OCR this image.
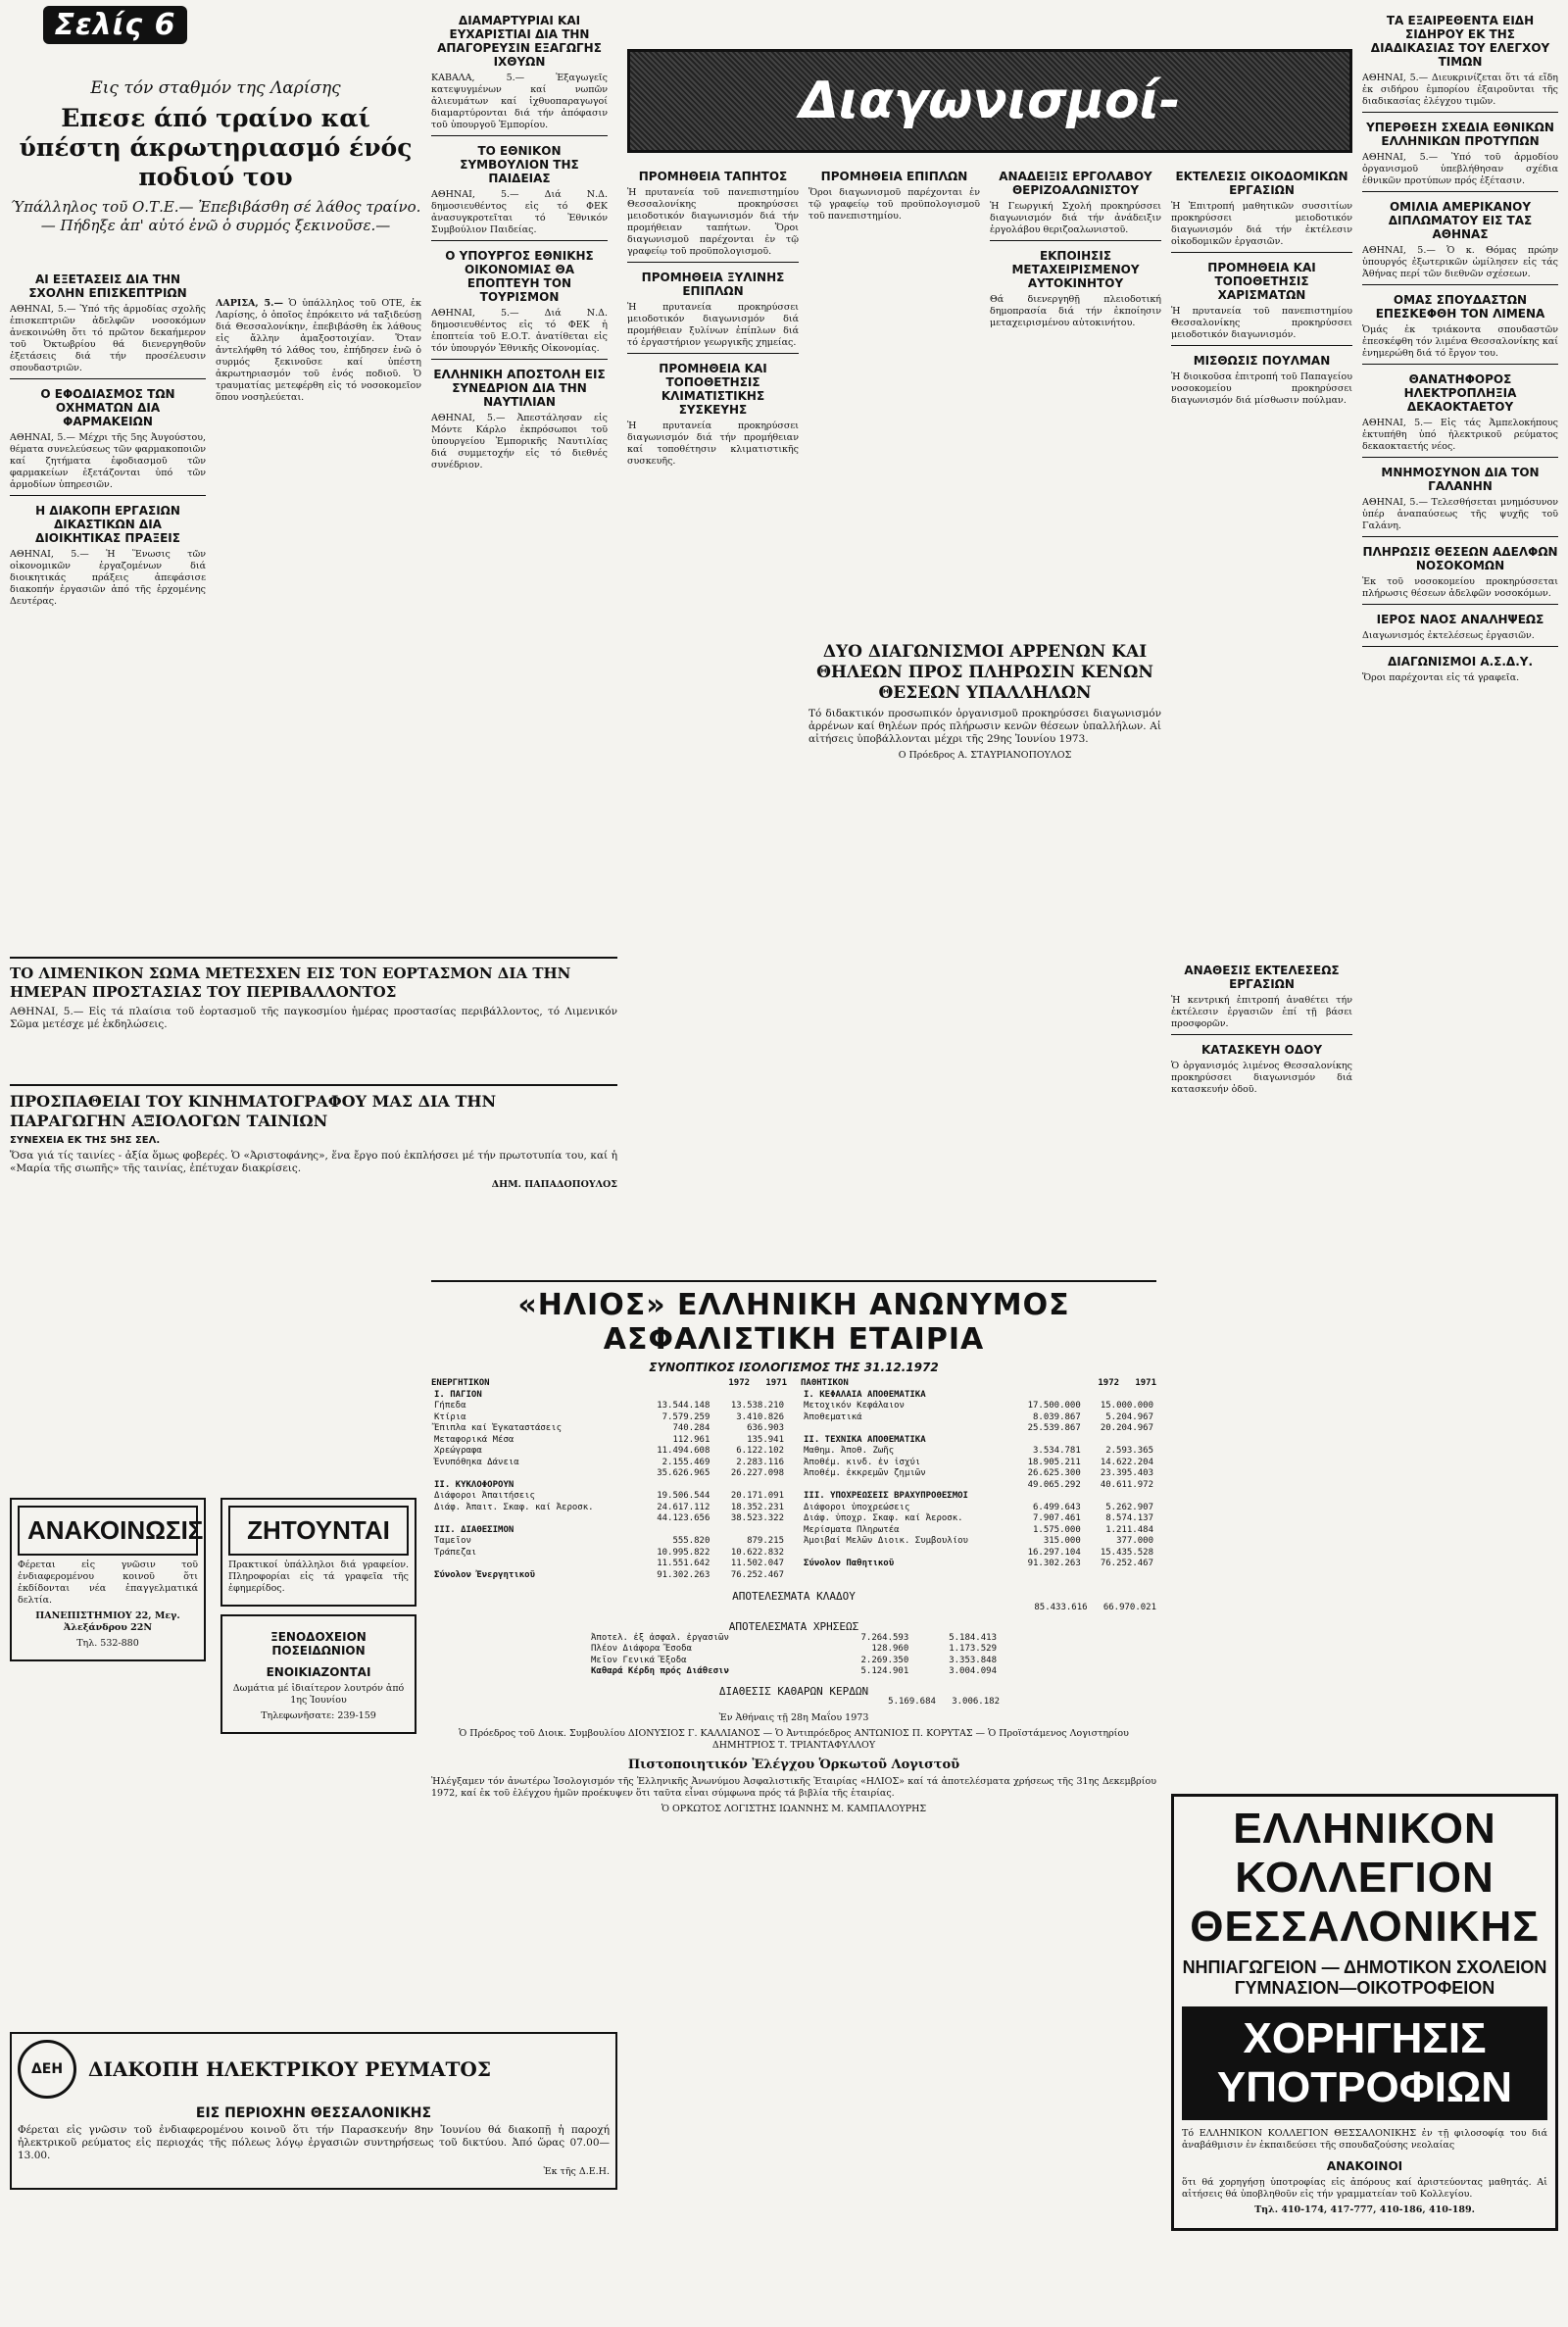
Σελίς 6
Εις τόν σταθμόν της Λαρίσης
Επεσε άπό τραίνο καί ύπέστη άκρωτηριασμό ένός ποδιού του
Ύπάλληλος τοῦ Ο.Τ.Ε.— Ἐπεβιβάσθη σέ λάθος τραίνο.— Πήδηξε ἀπ' αὐτό ἐνῶ ὁ συρμός ξεκινοῦσε.—
ΑΙ ΕΞΕΤΑΣΕΙΣ ΔΙΑ ΤΗΝ ΣΧΟΛΗΝ ΕΠΙΣΚΕΠΤΡΙΩΝ

ΑΘΗΝΑΙ, 5.— Ὑπό τῆς ἁρμοδίας σχολῆς ἐπισκεπτριῶν ἀδελφῶν νοσοκόμων ἀνεκοινώθη ὅτι τό πρῶτον δεκαήμερον τοῦ Ὀκτωβρίου θά διενεργηθοῦν ἐξετάσεις διά τήν προσέλευσιν σπουδαστριῶν.

Ο ΕΦΟΔΙΑΣΜΟΣ ΤΩΝ ΟΧΗΜΑΤΩΝ ΔΙΑ ΦΑΡΜΑΚΕΙΩΝ

ΑΘΗΝΑΙ, 5.— Μέχρι τῆς 5ης Ἀυγούστου, θέματα συνελεύσεως τῶν φαρμακοποιῶν καί ζητήματα ἐφοδιασμοῦ τῶν φαρμακείων ἐξετάζονται ὑπό τῶν ἁρμοδίων ὑπηρεσιῶν.

Η ΔΙΑΚΟΠΗ ΕΡΓΑΣΙΩΝ ΔΙΚΑΣΤΙΚΩΝ ΔΙΑ ΔΙΟΙΚΗΤΙΚΑΣ ΠΡΑΞΕΙΣ

ΑΘΗΝΑΙ, 5.— Ἡ Ἕνωσις τῶν οἰκονομικῶν ἐργαζομένων διά διοικητικάς πράξεις ἀπεφάσισε διακοπήν ἐργασιῶν ἀπό τῆς ἐρχομένης Δευτέρας.

ΛΑΡΙΣΑ, 5.— Ὁ ὑπάλληλος τοῦ ΟΤΕ, ἐκ Λαρίσης, ὁ ὁποῖος ἐπρόκειτο νά ταξιδεύσῃ διά Θεσσαλονίκην, ἐπεβιβάσθη ἐκ λάθους εἰς ἄλλην ἀμαξοστοιχίαν. Ὅταν ἀντελήφθη τό λάθος του, ἐπήδησεν ἐνῶ ὁ συρμός ξεκινοῦσε καί ὑπέστη ἀκρωτηριασμόν τοῦ ἑνός ποδιοῦ. Ὁ τραυματίας μετεφέρθη εἰς τό νοσοκομεῖον ὅπου νοσηλεύεται.

ΔΙΑΜΑΡΤΥΡΙΑΙ ΚΑΙ ΕΥΧΑΡΙΣΤΙΑΙ ΔΙΑ ΤΗΝ ΑΠΑΓΟΡΕΥΣΙΝ ΕΞΑΓΩΓΗΣ ΙΧΘΥΩΝ

ΚΑΒΑΛΑ, 5.— Ἐξαγωγεῖς κατεψυγμένων καί νωπῶν ἀλιευμάτων καί ἰχθυοπαραγωγοί διαμαρτύρονται διά τήν ἀπόφασιν τοῦ ὑπουργοῦ Ἐμπορίου.

ΤΟ ΕΘΝΙΚΟΝ ΣΥΜΒΟΥΛΙΟΝ ΤΗΣ ΠΑΙΔΕΙΑΣ

ΑΘΗΝΑΙ, 5.— Διά Ν.Δ. δημοσιευθέντος εἰς τό ΦΕΚ ἀνασυγκροτεῖται τό Ἐθνικόν Συμβούλιον Παιδείας.

Ο ΥΠΟΥΡΓΟΣ ΕΘΝΙΚΗΣ ΟΙΚΟΝΟΜΙΑΣ ΘΑ ΕΠΟΠΤΕΥΗ ΤΟΝ ΤΟΥΡΙΣΜΟΝ

ΑΘΗΝΑΙ, 5.— Διά Ν.Δ. δημοσιευθέντος εἰς τό ΦΕΚ ἡ ἐποπτεία τοῦ Ε.Ο.Τ. ἀνατίθεται εἰς τόν ὑπουργόν Ἐθνικῆς Οἰκονομίας.

ΕΛΛΗΝΙΚΗ ΑΠΟΣΤΟΛΗ ΕΙΣ ΣΥΝΕΔΡΙΟΝ ΔΙΑ ΤΗΝ ΝΑΥΤΙΛΙΑΝ

ΑΘΗΝΑΙ, 5.— Ἀπεστάλησαν εἰς Μόντε Κάρλο ἐκπρόσωποι τοῦ ὑπουργείου Ἐμπορικῆς Ναυτιλίας διά συμμετοχήν εἰς τό διεθνές συνέδριον.

Διαγωνισμοί-
ΠΡΟΜΗΘΕΙΑ ΤΑΠΗΤΟΣ

Ἡ πρυτανεία τοῦ πανεπιστημίου Θεσσαλονίκης προκηρύσσει μειοδοτικόν διαγωνισμόν διά τήν προμήθειαν ταπήτων. Ὅροι διαγωνισμοῦ παρέχονται ἐν τῷ γραφείῳ τοῦ προϋπολογισμοῦ.

ΠΡΟΜΗΘΕΙΑ ΞΥΛΙΝΗΣ ΕΠΙΠΛΩΝ

Ἡ πρυτανεία προκηρύσσει μειοδοτικόν διαγωνισμόν διά προμήθειαν ξυλίνων ἐπίπλων διά τό ἐργαστήριον γεωργικῆς χημείας.

ΠΡΟΜΗΘΕΙΑ ΚΑΙ ΤΟΠΟΘΕΤΗΣΙΣ ΚΛΙΜΑΤΙΣΤΙΚΗΣ ΣΥΣΚΕΥΗΣ

Ἡ πρυτανεία προκηρύσσει διαγωνισμόν διά τήν προμήθειαν καί τοποθέτησιν κλιματιστικῆς συσκευῆς.

ΠΡΟΜΗΘΕΙΑ ΕΠΙΠΛΩΝ

Ὅροι διαγωνισμοῦ παρέχονται ἐν τῷ γραφείῳ τοῦ προϋπολογισμοῦ τοῦ πανεπιστημίου.

ΑΝΑΔΕΙΞΙΣ ΕΡΓΟΛΑΒΟΥ ΘΕΡΙΖΟΑΛΩΝΙΣΤΟΥ

Ἡ Γεωργική Σχολή προκηρύσσει διαγωνισμόν διά τήν ἀνάδειξιν ἐργολάβου θεριζοαλωνιστοῦ.

ΕΚΠΟΙΗΣΙΣ ΜΕΤΑΧΕΙΡΙΣΜΕΝΟΥ ΑΥΤΟΚΙΝΗΤΟΥ

Θά διενεργηθῇ πλειοδοτική δημοπρασία διά τήν ἐκποίησιν μεταχειρισμένου αὐτοκινήτου.

ΕΚΤΕΛΕΣΙΣ ΟΙΚΟΔΟΜΙΚΩΝ ΕΡΓΑΣΙΩΝ

Ἡ Ἐπιτροπή μαθητικῶν συσσιτίων προκηρύσσει μειοδοτικόν διαγωνισμόν διά τήν ἐκτέλεσιν οἰκοδομικῶν ἐργασιῶν.

ΠΡΟΜΗΘΕΙΑ ΚΑΙ ΤΟΠΟΘΕΤΗΣΙΣ ΧΑΡΙΣΜΑΤΩΝ

Ἡ πρυτανεία τοῦ πανεπιστημίου Θεσσαλονίκης προκηρύσσει μειοδοτικόν διαγωνισμόν.

ΜΙΣΘΩΣΙΣ ΠΟΥΛΜΑΝ

Ἡ διοικοῦσα ἐπιτροπή τοῦ Παπαγείου νοσοκομείου προκηρύσσει διαγωνισμόν διά μίσθωσιν πούλμαν.

ΔΥΟ ΔΙΑΓΩΝΙΣΜΟΙ ΑΡΡΕΝΩΝ ΚΑΙ ΘΗΛΕΩΝ ΠΡΟΣ ΠΛΗΡΩΣΙΝ ΚΕΝΩΝ ΘΕΣΕΩΝ ΥΠΑΛΛΗΛΩΝ

Τό διδακτικόν προσωπικόν ὁργανισμοῦ προκηρύσσει διαγωνισμόν ἀρρένων καί θηλέων πρός πλήρωσιν κενῶν θέσεων ὑπαλλήλων. Αἱ αἰτήσεις ὑποβάλλονται μέχρι τῆς 29ης Ἰουνίου 1973.

Ο Πρόεδρος Α. ΣΤΑΥΡΙΑΝΟΠΟΥΛΟΣ

ΤΑ ΕΞΑΙΡΕΘΕΝΤΑ ΕΙΔΗ ΣΙΔΗΡΟΥ ΕΚ ΤΗΣ ΔΙΑΔΙΚΑΣΙΑΣ ΤΟΥ ΕΛΕΓΧΟΥ ΤΙΜΩΝ

ΑΘΗΝΑΙ, 5.— Διευκρινίζεται ὅτι τά εἴδη ἐκ σιδήρου ἐμπορίου ἐξαιροῦνται τῆς διαδικασίας ἐλέγχου τιμῶν.

ΥΠΕΡΘΕΣΗ ΣΧΕΔΙΑ ΕΘΝΙΚΩΝ ΕΛΛΗΝΙΚΩΝ ΠΡΟΤΥΠΩΝ

ΑΘΗΝΑΙ, 5.— Ὑπό τοῦ ἁρμοδίου ὀργανισμοῦ ὑπεβλήθησαν σχέδια ἐθνικῶν προτύπων πρός ἐξέτασιν.

ΟΜΙΛΙΑ ΑΜΕΡΙΚΑΝΟΥ ΔΙΠΛΩΜΑΤΟΥ ΕΙΣ ΤΑΣ ΑΘΗΝΑΣ

ΑΘΗΝΑΙ, 5.— Ὁ κ. Θόμας πρώην ὑπουργός ἐξωτερικῶν ὡμίλησεν εἰς τάς Ἀθήνας περί τῶν διεθνῶν σχέσεων.

ΟΜΑΣ ΣΠΟΥΔΑΣΤΩΝ ΕΠΕΣΚΕΦΘΗ ΤΟΝ ΛΙΜΕΝΑ

Ὁμάς ἐκ τριάκοντα σπουδαστῶν ἐπεσκέφθη τόν λιμένα Θεσσαλονίκης καί ἐνημερώθη διά τό ἔργον του.

ΘΑΝΑΤΗΦΟΡΟΣ ΗΛΕΚΤΡΟΠΛΗΞΙΑ ΔΕΚΑΟΚΤΑΕΤΟΥ

ΑΘΗΝΑΙ, 5.— Εἰς τάς Ἀμπελοκήπους ἐκτυπήθη ὑπό ἠλεκτρικοῦ ρεύματος δεκαοκταετής νέος.

ΜΝΗΜΟΣΥΝΟΝ ΔΙΑ ΤΟΝ ΓΑΛΑΝΗΝ

ΑΘΗΝΑΙ, 5.— Τελεσθήσεται μνημόσυνον ὑπέρ ἀναπαύσεως τῆς ψυχῆς τοῦ Γαλάνη.

ΠΛΗΡΩΣΙΣ ΘΕΣΕΩΝ ΑΔΕΛΦΩΝ ΝΟΣΟΚΟΜΩΝ

Ἐκ τοῦ νοσοκομείου προκηρύσσεται πλήρωσις θέσεων ἀδελφῶν νοσοκόμων.

ΙΕΡΟΣ ΝΑΟΣ ΑΝΑΛΗΨΕΩΣ

Διαγωνισμός ἐκτελέσεως ἐργασιῶν.

ΔΙΑΓΩΝΙΣΜΟΙ Α.Σ.Δ.Υ.

Ὅροι παρέχονται εἰς τά γραφεῖα.

ΑΝΑΘΕΣΙΣ ΕΚΤΕΛΕΣΕΩΣ ΕΡΓΑΣΙΩΝ

Ἡ κεντρική ἐπιτροπή ἀναθέτει τήν ἐκτέλεσιν ἐργασιῶν ἐπί τῇ βάσει προσφορῶν.

ΚΑΤΑΣΚΕΥΗ ΟΔΟΥ

Ὁ ὀργανισμός λιμένος Θεσσαλονίκης προκηρύσσει διαγωνισμόν διά κατασκευήν ὁδοῦ.

ΤΟ ΛΙΜΕΝΙΚΟΝ ΣΩΜΑ ΜΕΤΕΣΧΕΝ ΕΙΣ ΤΟΝ ΕΟΡΤΑΣΜΟΝ ΔΙΑ ΤΗΝ ΗΜΕΡΑΝ ΠΡΟΣΤΑΣΙΑΣ ΤΟΥ ΠΕΡΙΒΑΛΛΟΝΤΟΣ

ΑΘΗΝΑΙ, 5.— Εἰς τά πλαίσια τοῦ ἑορτασμοῦ τῆς παγκοσμίου ἡμέρας προστασίας περιβάλλοντος, τό Λιμενικόν Σῶμα μετέσχε μέ ἐκδηλώσεις.

ΠΡΟΣΠΑΘΕΙΑΙ ΤΟΥ ΚΙΝΗΜΑΤΟΓΡΑΦΟΥ ΜΑΣ ΔΙΑ ΤΗΝ ΠΑΡΑΓΩΓΗΝ ΑΞΙΟΛΟΓΩΝ ΤΑΙΝΙΩΝ
ΣΥΝΕΧΕΙΑ ΕΚ ΤΗΣ 5ΗΣ ΣΕΛ.

Ὅσα γιά τίς ταινίες - ἀξία ὅμως φοβερές. Ὁ «Ἀριστοφάνης», ἕνα ἔργο πού ἐκπλήσσει μέ τήν πρωτοτυπία του, καί ἡ «Μαρία τῆς σιωπῆς» τῆς ταινίας, ἐπέτυχαν διακρίσεις.

ΔΗΜ. ΠΑΠΑΔΟΠΟΥΛΟΣ

ΑΝΑΚΟΙΝΩΣΙΣ

Φέρεται εἰς γνῶσιν τοῦ ἐνδιαφερομένου κοινοῦ ὅτι ἐκδίδονται νέα ἐπαγγελματικά δελτία.

ΠΑΝΕΠΙΣΤΗΜΙΟΥ 22, Μεγ. Ἀλεξάνδρου 22Ν

Τηλ. 532-880

ΖΗΤΟΥΝΤΑΙ

Πρακτικοί ὑπάλληλοι διά γραφείον. Πληροφορίαι εἰς τά γραφεῖα τῆς ἐφημερίδος.

ΞΕΝΟΔΟΧΕΙΟΝ ΠΟΣΕΙΔΩΝΙΟΝ
ΕΝΟΙΚΙΑΖΟΝΤΑΙ

Δωμάτια μέ ἰδιαίτερον λουτρόν ἀπό 1ης Ἰουνίου

Τηλεφωνῆσατε: 239-159

ΔΕΗ	ΔΙΑΚΟΠΗ ΗΛΕΚΤΡΙΚΟΥ ΡΕΥΜΑΤΟΣ
ΕΙΣ ΠΕΡΙΟΧΗΝ ΘΕΣΣΑΛΟΝΙΚΗΣ

Φέρεται εἰς γνῶσιν τοῦ ἐνδιαφερομένου κοινοῦ ὅτι τήν Παρασκευήν 8ην Ἰουνίου θά διακοπῇ ἡ παροχή ἠλεκτρικοῦ ρεύματος εἰς περιοχάς τῆς πόλεως λόγῳ ἐργασιῶν συντηρήσεως τοῦ δικτύου. Ἀπό ὥρας 07.00—13.00.

Ἐκ τῆς Δ.Ε.Η.

«ΗΛΙΟΣ» ΕΛΛΗΝΙΚΗ ΑΝΩΝΥΜΟΣ ΑΣΦΑΛΙΣΤΙΚΗ ΕΤΑΙΡΙΑ
ΣΥΝΟΠΤΙΚΟΣ ΙΣΟΛΟΓΙΣΜΟΣ ΤΗΣ 31.12.1972
ΕΝΕΡΓΗΤΙΚΟΝ	1972 1971
I. ΠΑΓΙΟΝ		
Γήπεδα	13.544.148	13.538.210
Κτίρια	7.579.259	3.410.826
Ἔπιπλα καί Ἐγκαταστάσεις	740.284	636.903
Μεταφορικά Μέσα	112.961	135.941
Χρεώγραφα	11.494.608	6.122.102
Ἐνυπόθηκα Δάνεια	2.155.469	2.283.116
	35.626.965	26.227.098
II. ΚΥΚΛΟΦΟΡΟΥΝ		
Διάφοροι Ἀπαιτήσεις	19.506.544	20.171.091
Διάφ. Ἀπαιτ. Σκαφ. καί Ἀεροσκ.	24.617.112	18.352.231
	44.123.656	38.523.322
III. ΔΙΑΘΕΣΙΜΟΝ		
Ταμεῖον	555.820	879.215
Τράπεζαι	10.995.822	10.622.832
	11.551.642	11.502.047
Σύνολον Ἐνεργητικοῦ	91.302.263	76.252.467
ΠΑΘΗΤΙΚΟΝ	1972 1971
I. ΚΕΦΑΛΑΙΑ ΑΠΟΘΕΜΑΤΙΚΑ		
Μετοχικόν Κεφάλαιον	17.500.000	15.000.000
Ἀποθεματικά	8.039.867	5.204.967
	25.539.867	20.204.967
II. ΤΕΧΝΙΚΑ ΑΠΟΘΕΜΑΤΙΚΑ		
Μαθημ. Ἀποθ. Ζωῆς	3.534.781	2.593.365
Ἀποθέμ. κινδ. ἐν ἰσχύι	18.905.211	14.622.204
Ἀποθέμ. ἐκκρεμῶν ζημιῶν	26.625.300	23.395.403
	49.065.292	40.611.972
III. ΥΠΟΧΡΕΩΣΕΙΣ ΒΡΑΧΥΠΡΟΘΕΣΜΟΙ		
Διάφοροι ὑποχρεώσεις	6.499.643	5.262.907
Διάφ. ὑποχρ. Σκαφ. καί Ἀεροσκ.	7.907.461	8.574.137
Μερίσματα Πληρωτέα	1.575.000	1.211.484
Ἀμοιβαί Μελῶν Διοικ. Συμβουλίου	315.000	377.000
	16.297.104	15.435.528
Σύνολον Παθητικοῦ	91.302.263	76.252.467
ΑΠΟΤΕΛΕΣΜΑΤΑ ΚΛΑΔΟΥ
85.433.616 66.970.021
ΑΠΟΤΕΛΕΣΜΑΤΑ ΧΡΗΣΕΩΣ
Ἀποτελ. ἐξ ἀσφαλ. ἐργασιῶν	7.264.593	5.184.413
Πλέον Διάφορα Ἔσοδα	128.960	1.173.529
Μεῖον Γενικά Ἔξοδα	2.269.350	3.353.848
Καθαρά Κέρδη πρός Διάθεσιν	5.124.901	3.004.094
ΔΙΑΘΕΣΙΣ ΚΑΘΑΡΩΝ ΚΕΡΔΩΝ
5.169.684 3.006.182

Ἐν Ἀθήναις τῇ 28η Μαΐου 1973

Ὁ Πρόεδρος τοῦ Διοικ. Συμβουλίου ΔΙΟΝΥΣΙΟΣ Γ. ΚΑΛΛΙΑΝΟΣ — Ὁ Ἀντιπρόεδρος ΑΝΤΩΝΙΟΣ Π. ΚΟΡΥΤΑΣ — Ὁ Προϊστάμενος Λογιστηρίου ΔΗΜΗΤΡΙΟΣ Τ. ΤΡΙΑΝΤΑΦΥΛΛΟΥ

Πιστοποιητικόν Ἐλέγχου Ὁρκωτοῦ Λογιστοῦ

Ἠλέγξαμεν τόν ἀνωτέρω Ἰσολογισμόν τῆς Ἑλληνικῆς Ἀνωνύμου Ἀσφαλιστικῆς Ἑταιρίας «ΗΛΙΟΣ» καί τά ἀποτελέσματα χρήσεως τῆς 31ης Δεκεμβρίου 1972, καί ἐκ τοῦ ἐλέγχου ἡμῶν προέκυψεν ὅτι ταῦτα εἶναι σύμφωνα πρός τά βιβλία τῆς ἑταιρίας.

Ὁ ΟΡΚΩΤΟΣ ΛΟΓΙΣΤΗΣ ΙΩΑΝΝΗΣ Μ. ΚΑΜΠΑΛΟΥΡΗΣ	ΕΛΛΗΝΙΚΟΝ ΚΟΛΛΕΓΙΟΝ ΘΕΣΣΑΛΟΝΙΚΗΣ
ΝΗΠΙΑΓΩΓΕΙΟΝ — ΔΗΜΟΤΙΚΟΝ ΣΧΟΛΕΙΟΝ ΓΥΜΝΑΣΙΟΝ—ΟΙΚΟΤΡΟΦΕΙΟΝ
ΧΟΡΗΓΗΣΙΣ ΥΠΟΤΡΟΦΙΩΝ

Τό ΕΛΛΗΝΙΚΟΝ ΚΟΛΛΕΓΙΟΝ ΘΕΣΣΑΛΟΝΙΚΗΣ ἐν τῇ φιλοσοφίᾳ του διά ἀναβάθμισιν ἐν ἐκπαιδεύσει τῆς σπουδαζούσης νεολαίας

ΑΝΑΚΟΙΝΟΙ

ὅτι θά χορηγήσῃ ὑποτροφίας εἰς ἀπόρους καί ἀριστεύοντας μαθητάς. Αἱ αἰτήσεις θά ὑποβληθοῦν εἰς τήν γραμματείαν τοῦ Κολλεγίου.

Τηλ. 410-174, 417-777, 410-186, 410-189.
